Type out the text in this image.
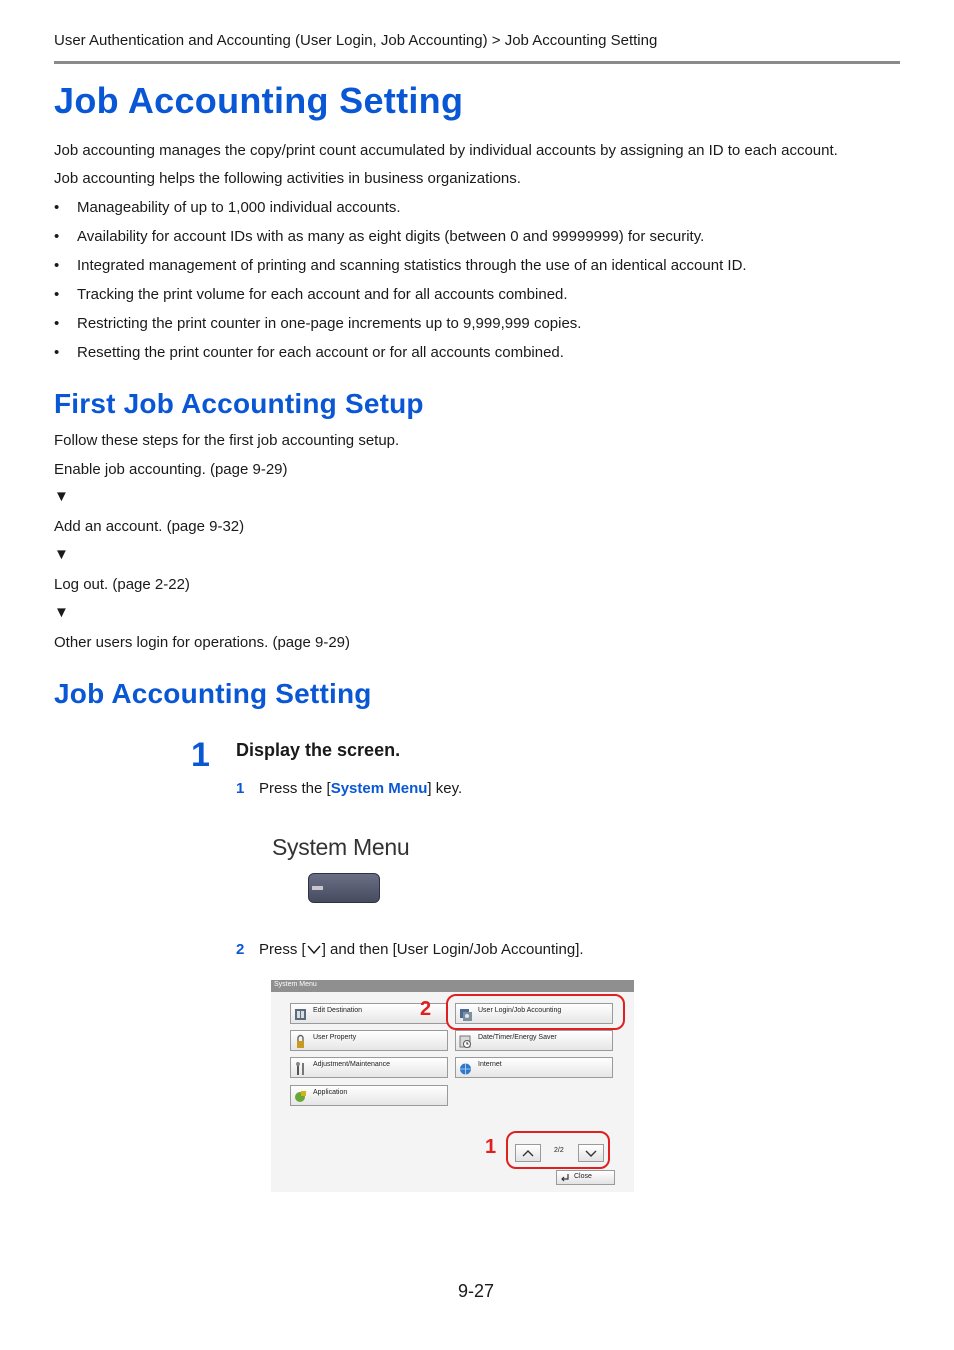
User Authentication and Accounting (User Login, Job Accounting) > Job Accounting Setting
Job Accounting Setting
Job accounting manages the copy/print count accumulated by individual accounts by assigning an ID to each account.
Job accounting helps the following activities in business organizations.
• Manageability of up to 1,000 individual accounts.
• Availability for account IDs with as many as eight digits (between 0 and 99999999) for security.
• Integrated management of printing and scanning statistics through the use of an identical account ID.
• Tracking the print volume for each account and for all accounts combined.
• Restricting the print counter in one-page increments up to 9,999,999 copies.
• Resetting the print counter for each account or for all accounts combined.
First Job Accounting Setup
Follow these steps for the first job accounting setup.
Enable job accounting. (page 9-29)
▼
Add an account. (page 9-32)
▼
Log out. (page 2-22)
▼
Other users login for operations. (page 9-29)
Job Accounting Setting
1 Display the screen.
1 Press the [System Menu] key.
System Menu
2 Press [ ] and then [User Login/Job Accounting].
System Menu
Edit Destination
User Property
Adjustment/Maintenance
Application
User Login/Job Accounting
Date/Timer/Energy Saver
Internet
2/2
Close
2
1
9-27
